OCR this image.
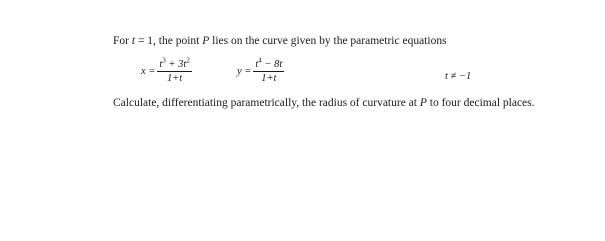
For t = 1, the point P lies on the curve given by the parametric equations
$x = \frac{t^3 + 3t^2}{1+t}$	$y = \frac{t^4 - 8t}{1+t}$	t ≠ −1
Calculate, differentiating parametrically, the radius of curvature at P to four decimal places.
